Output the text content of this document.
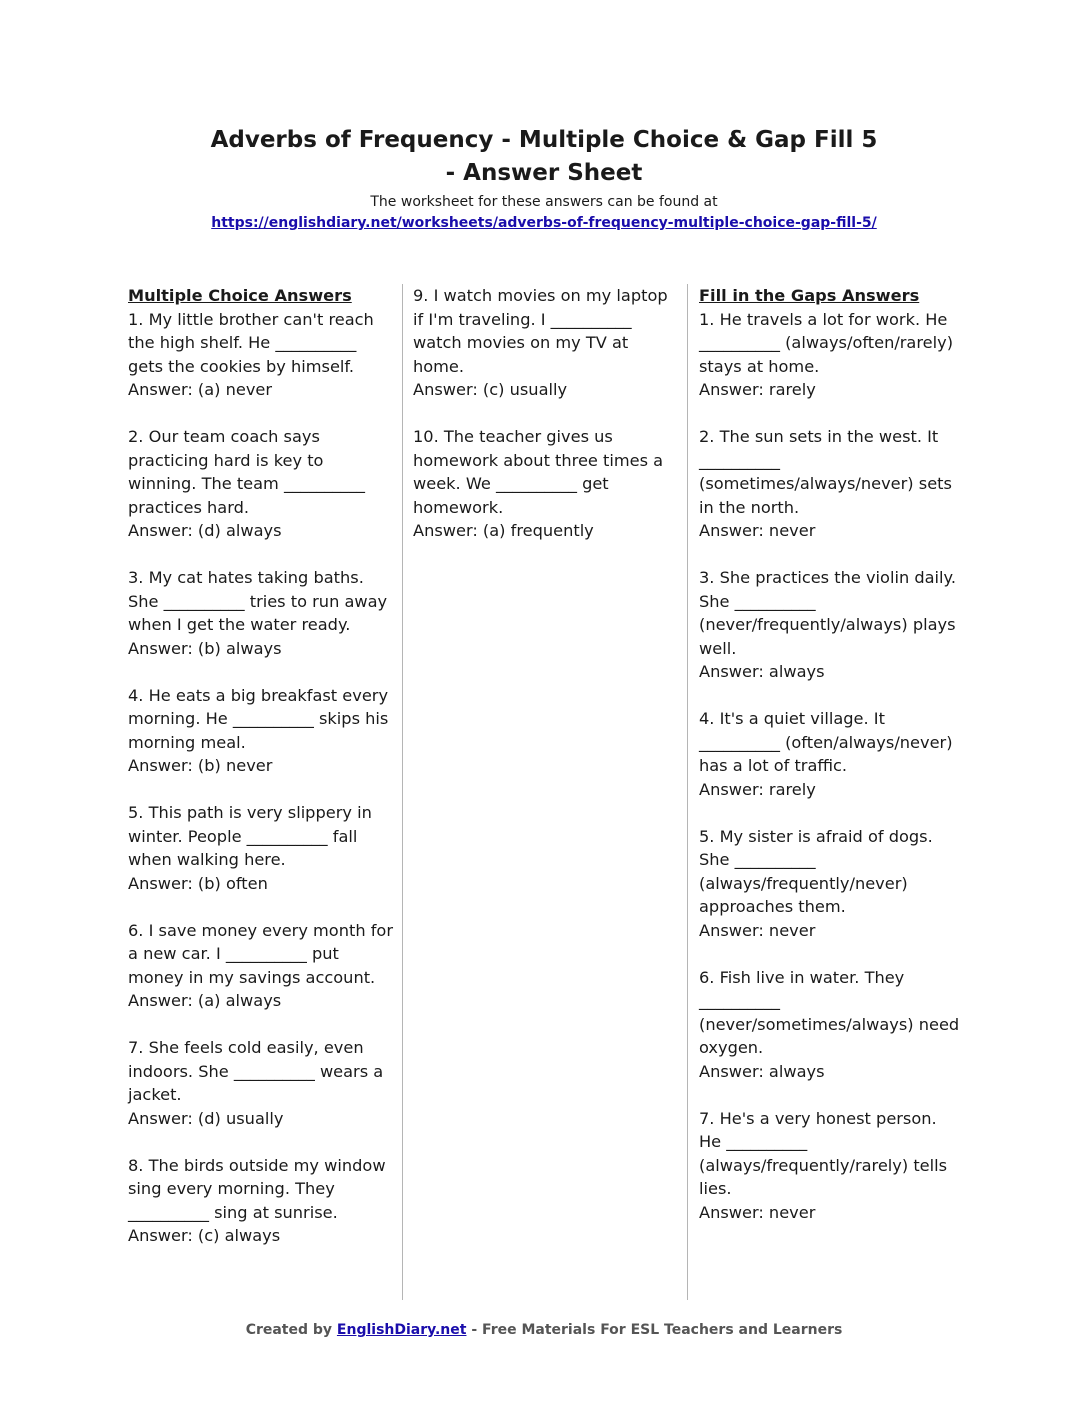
Adverbs of Frequency - Multiple Choice & Gap Fill 5
- Answer Sheet
The worksheet for these answers can be found at
https://englishdiary.net/worksheets/adverbs-of-frequency-multiple-choice-gap-fill-5/
Multiple Choice Answers
1. My little brother can't reach the high shelf. He __________ gets the cookies by himself.
Answer: (a) never
2. Our team coach says practicing hard is key to winning. The team __________ practices hard.
Answer: (d) always
3. My cat hates taking baths. She __________ tries to run away when I get the water ready.
Answer: (b) always
4. He eats a big breakfast every morning. He __________ skips his morning meal.
Answer: (b) never
5. This path is very slippery in winter. People __________ fall when walking here.
Answer: (b) often
6. I save money every month for a new car. I __________ put money in my savings account.
Answer: (a) always
7. She feels cold easily, even indoors. She __________ wears a jacket.
Answer: (d) usually
8. The birds outside my window sing every morning. They __________ sing at sunrise.
Answer: (c) always
9. I watch movies on my laptop if I'm traveling. I __________ watch movies on my TV at home.
Answer: (c) usually
10. The teacher gives us homework about three times a week. We __________ get homework.
Answer: (a) frequently
Fill in the Gaps Answers
1. He travels a lot for work. He __________ (always/often/rarely) stays at home.
Answer: rarely
2. The sun sets in the west. It __________ (sometimes/always/never) sets in the north.
Answer: never
3. She practices the violin daily. She __________ (never/frequently/always) plays well.
Answer: always
4. It's a quiet village. It __________ (often/always/never) has a lot of traffic.
Answer: rarely
5. My sister is afraid of dogs. She __________ (always/frequently/never) approaches them.
Answer: never
6. Fish live in water. They __________ (never/sometimes/always) need oxygen.
Answer: always
7. He's a very honest person. He __________ (always/frequently/rarely) tells lies.
Answer: never
Created by EnglishDiary.net - Free Materials For ESL Teachers and Learners
